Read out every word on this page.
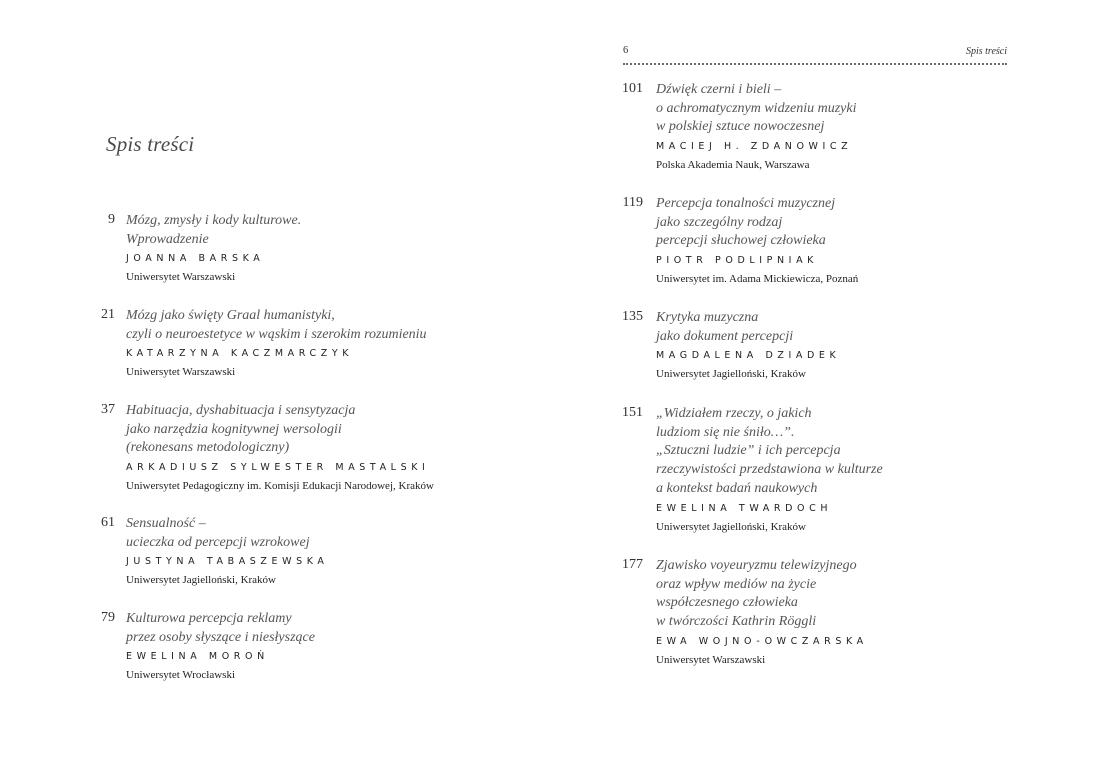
Spis treści
9 Mózg, zmysły i kody kulturowe.
Wprowadzenie
JOANNA BARSKA
Uniwersytet Warszawski
21 Mózg jako święty Graal humanistyki,
czyli o neuroestetyce w wąskim i szerokim rozumieniu
KATARZYNA KACZMARCZYK
Uniwersytet Warszawski
37 Habituacja, dyshabituacja i sensytyzacja
jako narzędzia kognitywnej wersologii
(rekonesans metodologiczny)
ARKADIUSZ SYLWESTER MASTALSKI
Uniwersytet Pedagogiczny im. Komisji Edukacji Narodowej, Kraków
61 Sensualność –
ucieczka od percepcji wzrokowej
JUSTYNA TABASZEWSKA
Uniwersytet Jagielloński, Kraków
79 Kulturowa percepcja reklamy
przez osoby słyszące i niesłyszące
EWELINA MOROŃ
Uniwersytet Wrocławski
6	Spis treści
101 Dźwięk czerni i bieli –
o achromatycznym widzeniu muzyki
w polskiej sztuce nowoczesnej
MACIEJ H. ZDANOWICZ
Polska Akademia Nauk, Warszawa
119 Percepcja tonalności muzycznej
jako szczególny rodzaj
percepcji słuchowej człowieka
PIOTR PODLIPNIAK
Uniwersytet im. Adama Mickiewicza, Poznań
135 Krytyka muzyczna
jako dokument percepcji
MAGDALENA DZIADEK
Uniwersytet Jagielloński, Kraków
151 „Widziałem rzeczy, o jakich
ludziom się nie śniło…”.
„Sztuczni ludzie” i ich percepcja
rzeczywistości przedstawiona w kulturze
a kontekst badań naukowych
EWELINA TWARDOCH
Uniwersytet Jagielloński, Kraków
177 Zjawisko voyeuryzmu telewizyjnego
oraz wpływ mediów na życie
współczesnego człowieka
w twórczości Kathrin Röggli
EWA WOJNO-OWCZARSKA
Uniwersytet Warszawski
